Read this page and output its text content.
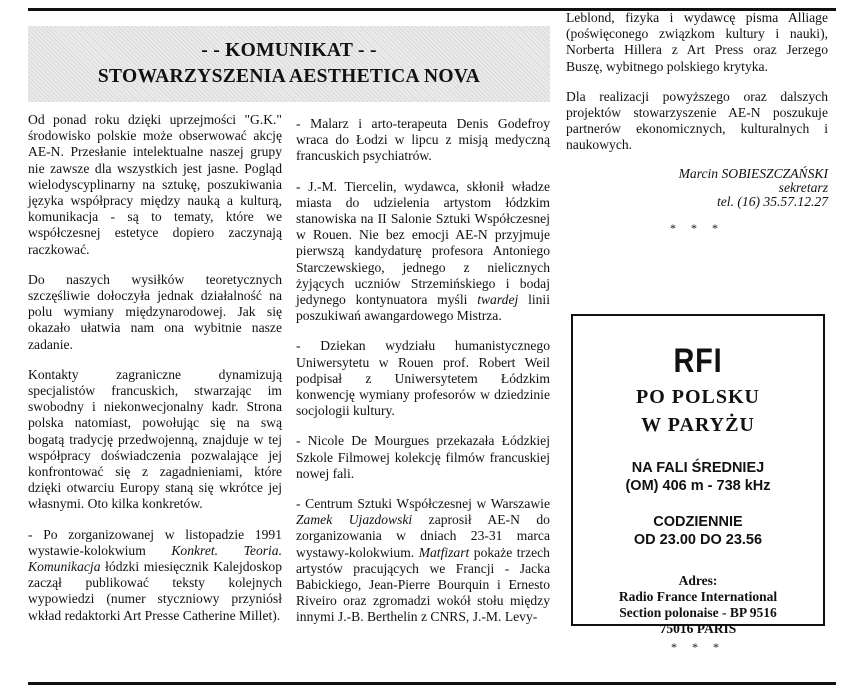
- - KOMUNIKAT - -
STOWARZYSZENIA AESTHETICA NOVA

Od ponad roku dzięki uprzejmości "G.K." środowisko polskie może obserwować akcję AE-N. Przesłanie intelektualne naszej grupy nie zawsze dla wszystkich jest jasne. Pogląd wielodyscyplinarny na sztukę, poszukiwania języka współpracy między nauką a kulturą, komunikacja - są to tematy, które we współczesnej estetyce dopiero zaczynają raczkować.

Do naszych wysiłków teoretycznych szczęśliwie dołoczyła jednak działalność na polu wymiany międzynarodowej. Jak się okazało ułatwia nam ona wybitnie nasze zadanie.

Kontakty zagraniczne dynamizują specjalistów francuskich, stwarzając im swobodny i niekonwecjonalny kadr. Strona polska natomiast, powołując się na swą bogatą tradycję przedwojenną, znajduje w tej współpracy doświadczenia pozwalające jej konfrontować się z zagadnieniami, które dzięki otwarciu Europy staną się wkrótce jej własnymi. Oto kilka konkretów.

- Po zorganizowanej w listopadzie 1991 wystawie-kolokwium Konkret. Teoria. Komunikacja łódzki miesięcznik Kalejdoskop zaczął publikować teksty kolejnych wypowiedzi (numer styczniowy przyniósł wkład redaktorki Art Presse Catherine Millet).

- Malarz i arto-terapeuta Denis Godefroy wraca do Łodzi w lipcu z misją medyczną francuskich psychiatrów.

- J.-M. Tiercelin, wydawca, skłonił władze miasta do udzielenia artystom łódzkim stanowiska na II Salonie Sztuki Współczesnej w Rouen. Nie bez emocji AE-N przyjmuje pierwszą kandydaturę profesora Antoniego Starczewskiego, jednego z nielicznych żyjących uczniów Strzemińskiego i bodaj jedynego kontynuatora myśli twardej linii poszukiwań awangardowego Mistrza.

- Dziekan wydziału humanistycznego Uniwersytetu w Rouen prof. Robert Weil podpisał z Uniwersytetem Łódzkim konwencję wymiany profesorów w dziedzinie socjologii kultury.

- Nicole De Mourgues przekazała Łódzkiej Szkole Filmowej kolekcję filmów francuskiej nowej fali.

- Centrum Sztuki Współczesnej w Warszawie Zamek Ujazdowski zaprosił AE-N do zorganizowania w dniach 23-31 marca wystawy-kolokwium. Matfizart pokaże trzech artystów pracujących we Francji - Jacka Babickiego, Jean-Pierre Bourquin i Ernesto Riveiro oraz zgromadzi wokół stołu między innymi J.-B. Berthelin z CNRS, J.-M. Levy-

Leblond, fizyka i wydawcę pisma Alliage (poświęconego związkom kultury i nauki), Norberta Hillera z Art Press oraz Jerzego Buszę, wybitnego polskiego krytyka.

Dla realizacji powyższego oraz dalszych projektów stowarzyszenie AE-N poszukuje partnerów ekonomicznych, kulturalnych i naukowych.

Marcin SOBIESZCZAŃSKI
sekretarz
tel. (16) 35.57.12.27
* * *
RFI
PO POLSKU
W PARYŻU
NA FALI ŚREDNIEJ
(OM) 406 m - 738 kHz
CODZIENNIE
OD 23.00 DO 23.56
Adres:
Radio France International
Section polonaise - BP 9516
75016 PARIS
* * *
